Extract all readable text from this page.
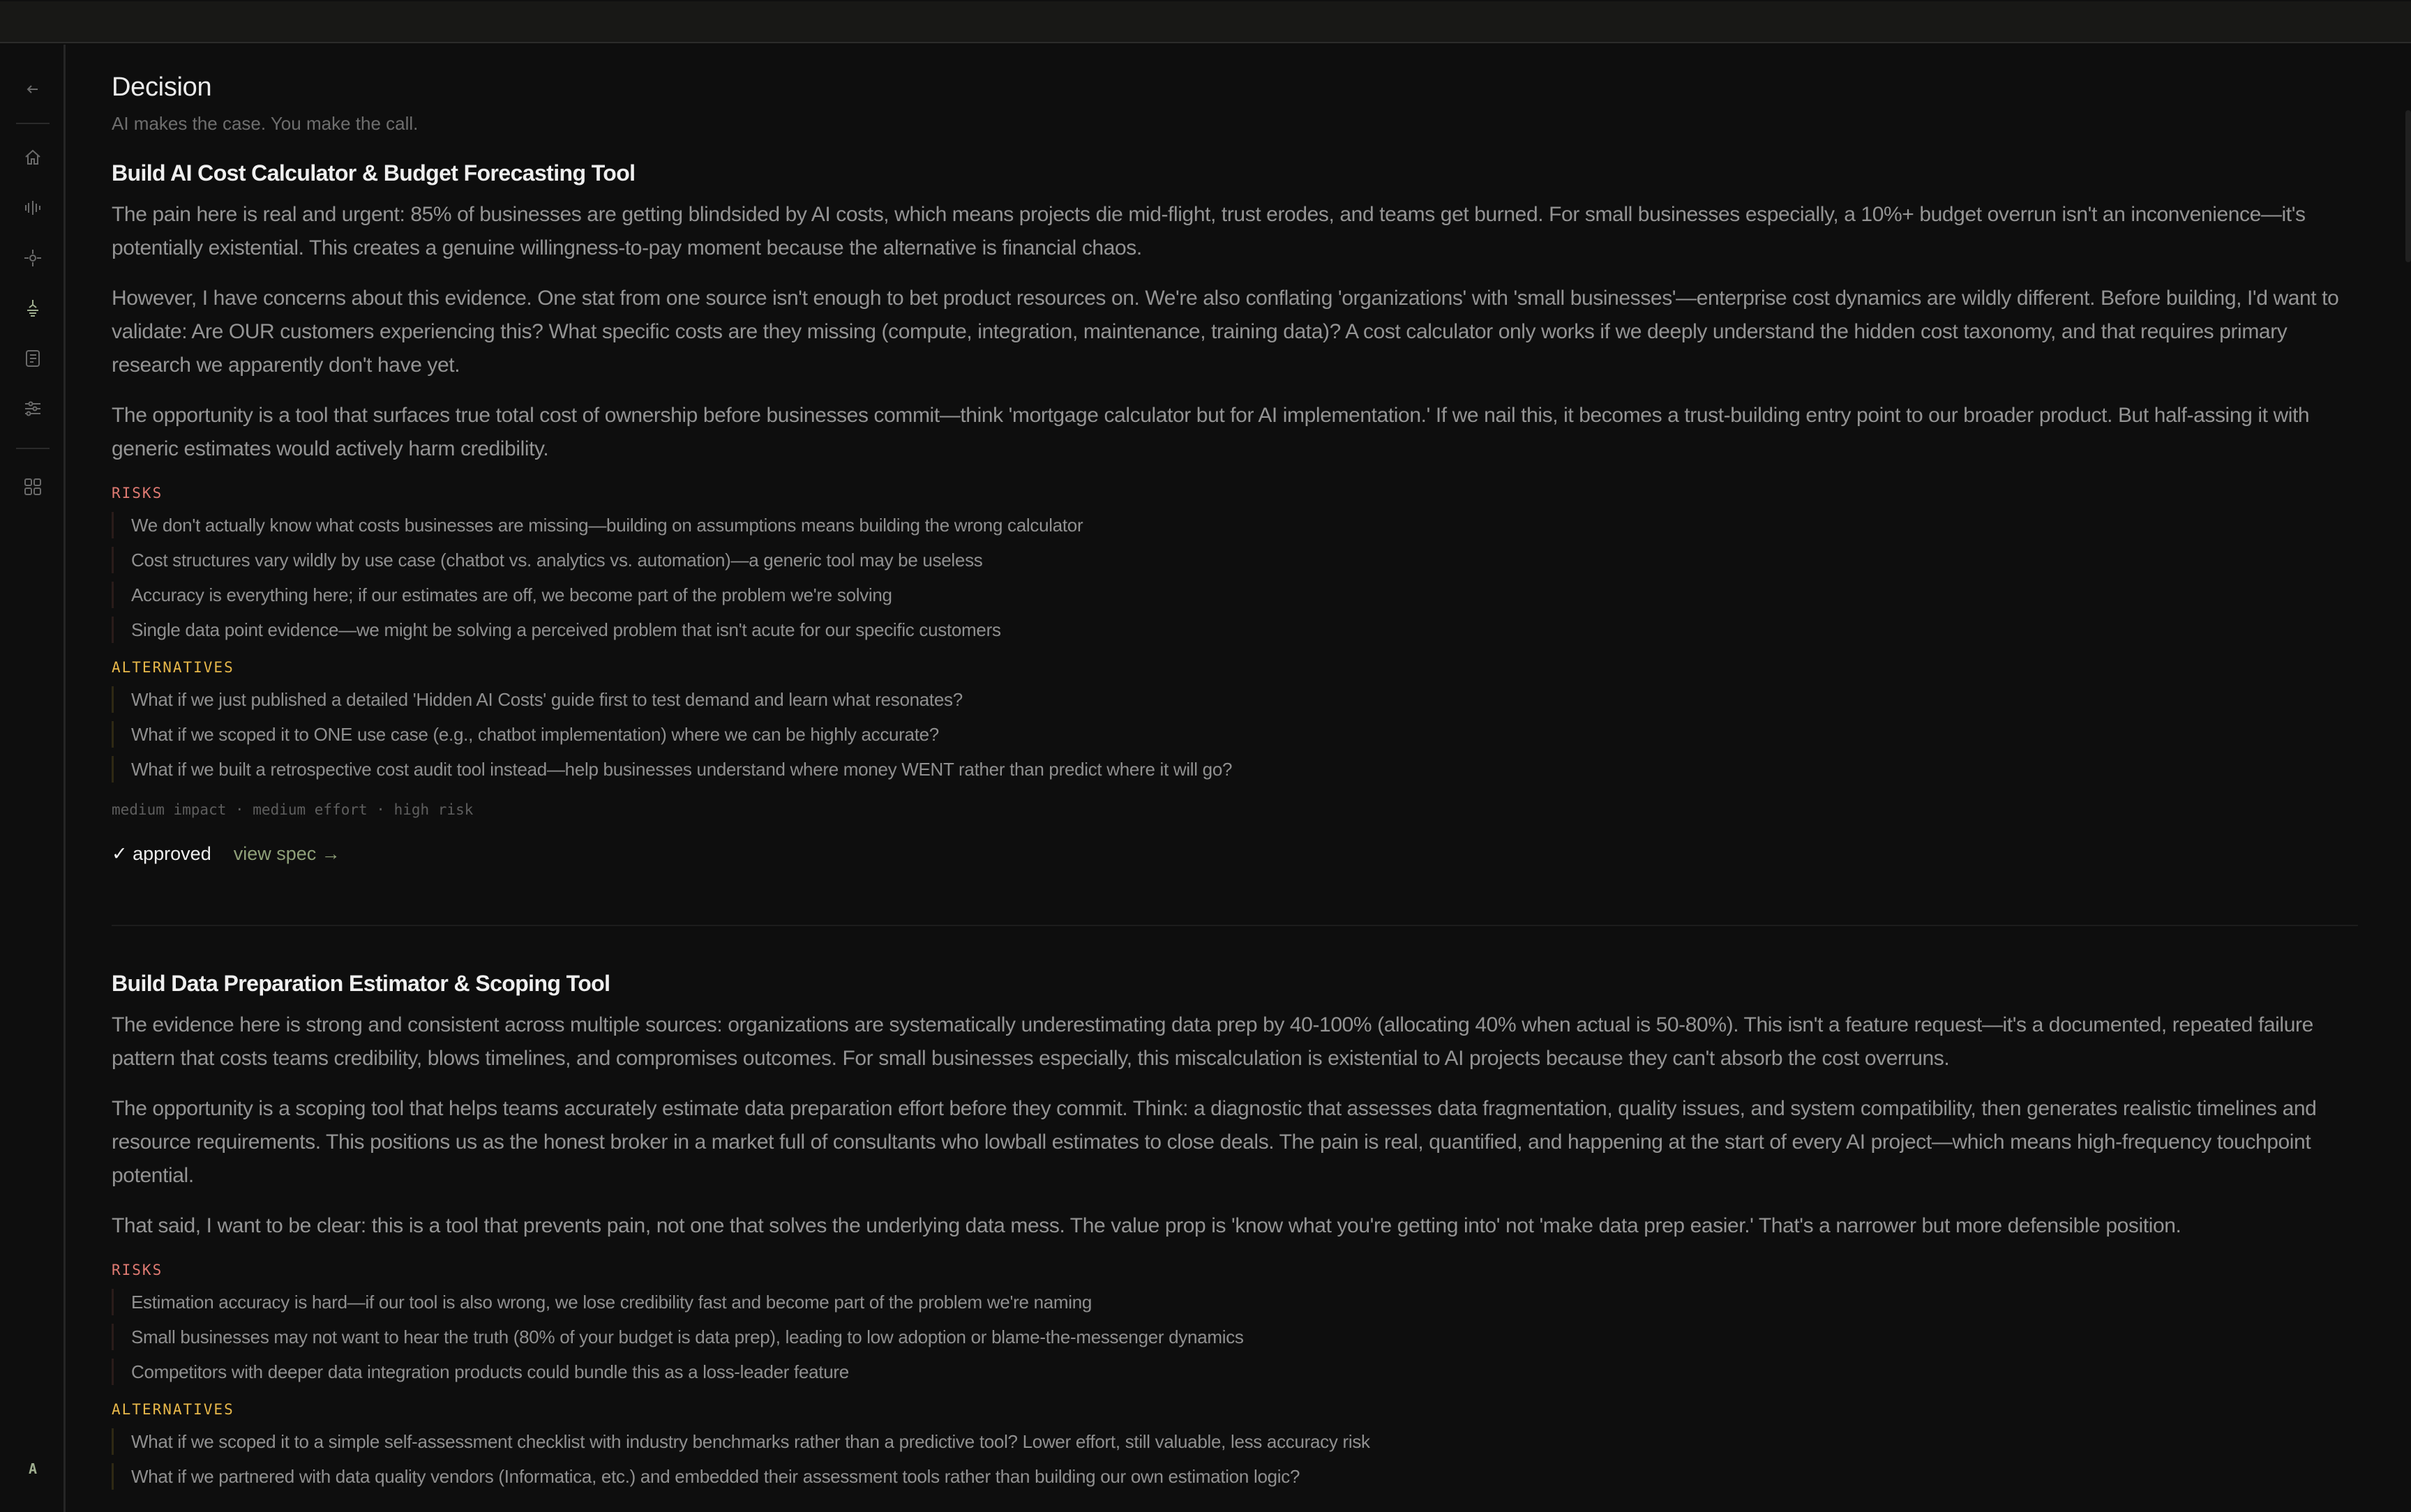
A
Decision
AI makes the case. You make the call.
Build AI Cost Calculator & Budget Forecasting Tool

The pain here is real and urgent: 85% of businesses are getting blindsided by AI costs, which means projects die mid-flight, trust erodes, and teams get burned. For small businesses especially, a 10%+ budget overrun isn't an inconvenience—it's potentially existential. This creates a genuine willingness-to-pay moment because the alternative is financial chaos.

However, I have concerns about this evidence. One stat from one source isn't enough to bet product resources on. We're also conflating 'organizations' with 'small businesses'—enterprise cost dynamics are wildly different. Before building, I'd want to validate: Are OUR customers experiencing this? What specific costs are they missing (compute, integration, maintenance, training data)? A cost calculator only works if we deeply understand the hidden cost taxonomy, and that requires primary research we apparently don't have yet.

The opportunity is a tool that surfaces true total cost of ownership before businesses commit—think 'mortgage calculator but for AI implementation.' If we nail this, it becomes a trust-building entry point to our broader product. But half-assing it with generic estimates would actively harm credibility.

RISKS
We don't actually know what costs businesses are missing—building on assumptions means building the wrong calculator
Cost structures vary wildly by use case (chatbot vs. analytics vs. automation)—a generic tool may be useless
Accuracy is everything here; if our estimates are off, we become part of the problem we're solving
Single data point evidence—we might be solving a perceived problem that isn't acute for our specific customers
ALTERNATIVES
What if we just published a detailed 'Hidden AI Costs' guide first to test demand and learn what resonates?
What if we scoped it to ONE use case (e.g., chatbot implementation) where we can be highly accurate?
What if we built a retrospective cost audit tool instead—help businesses understand where money WENT rather than predict where it will go?
medium impact · medium effort · high risk
✓ approved view spec →
Build Data Preparation Estimator & Scoping Tool

The evidence here is strong and consistent across multiple sources: organizations are systematically underestimating data prep by 40-100% (allocating 40% when actual is 50-80%). This isn't a feature request—it's a documented, repeated failure pattern that costs teams credibility, blows timelines, and compromises outcomes. For small businesses especially, this miscalculation is existential to AI projects because they can't absorb the cost overruns.

The opportunity is a scoping tool that helps teams accurately estimate data preparation effort before they commit. Think: a diagnostic that assesses data fragmentation, quality issues, and system compatibility, then generates realistic timelines and resource requirements. This positions us as the honest broker in a market full of consultants who lowball estimates to close deals. The pain is real, quantified, and happening at the start of every AI project—which means high-frequency touchpoint potential.

That said, I want to be clear: this is a tool that prevents pain, not one that solves the underlying data mess. The value prop is 'know what you're getting into' not 'make data prep easier.' That's a narrower but more defensible position.

RISKS
Estimation accuracy is hard—if our tool is also wrong, we lose credibility fast and become part of the problem we're naming
Small businesses may not want to hear the truth (80% of your budget is data prep), leading to low adoption or blame-the-messenger dynamics
Competitors with deeper data integration products could bundle this as a loss-leader feature
ALTERNATIVES
What if we scoped it to a simple self-assessment checklist with industry benchmarks rather than a predictive tool? Lower effort, still valuable, less accuracy risk
What if we partnered with data quality vendors (Informatica, etc.) and embedded their assessment tools rather than building our own estimation logic?
